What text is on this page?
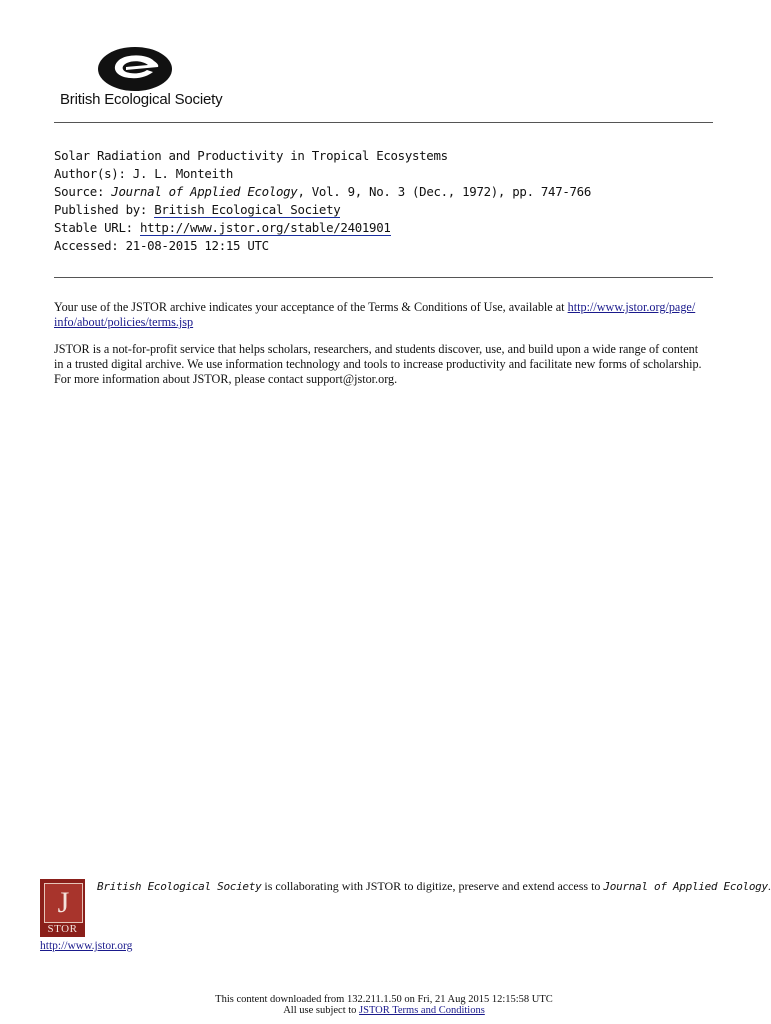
British Ecological Society
Solar Radiation and Productivity in Tropical Ecosystems
Author(s): J. L. Monteith
Source: Journal of Applied Ecology, Vol. 9, No. 3 (Dec., 1972), pp. 747-766
Published by: British Ecological Society
Stable URL: http://www.jstor.org/stable/2401901
Accessed: 21-08-2015 12:15 UTC
Your use of the JSTOR archive indicates your acceptance of the Terms & Conditions of Use, available at http://www.jstor.org/page/
info/about/policies/terms.jsp
JSTOR is a not-for-profit service that helps scholars, researchers, and students discover, use, and build upon a wide range of content
in a trusted digital archive. We use information technology and tools to increase productivity and facilitate new forms of scholarship.
For more information about JSTOR, please contact support@jstor.org.
J
STOR
British Ecological Society is collaborating with JSTOR to digitize, preserve and extend access to Journal of Applied Ecology.
http://www.jstor.org
This content downloaded from 132.211.1.50 on Fri, 21 Aug 2015 12:15:58 UTC
All use subject to JSTOR Terms and Conditions
